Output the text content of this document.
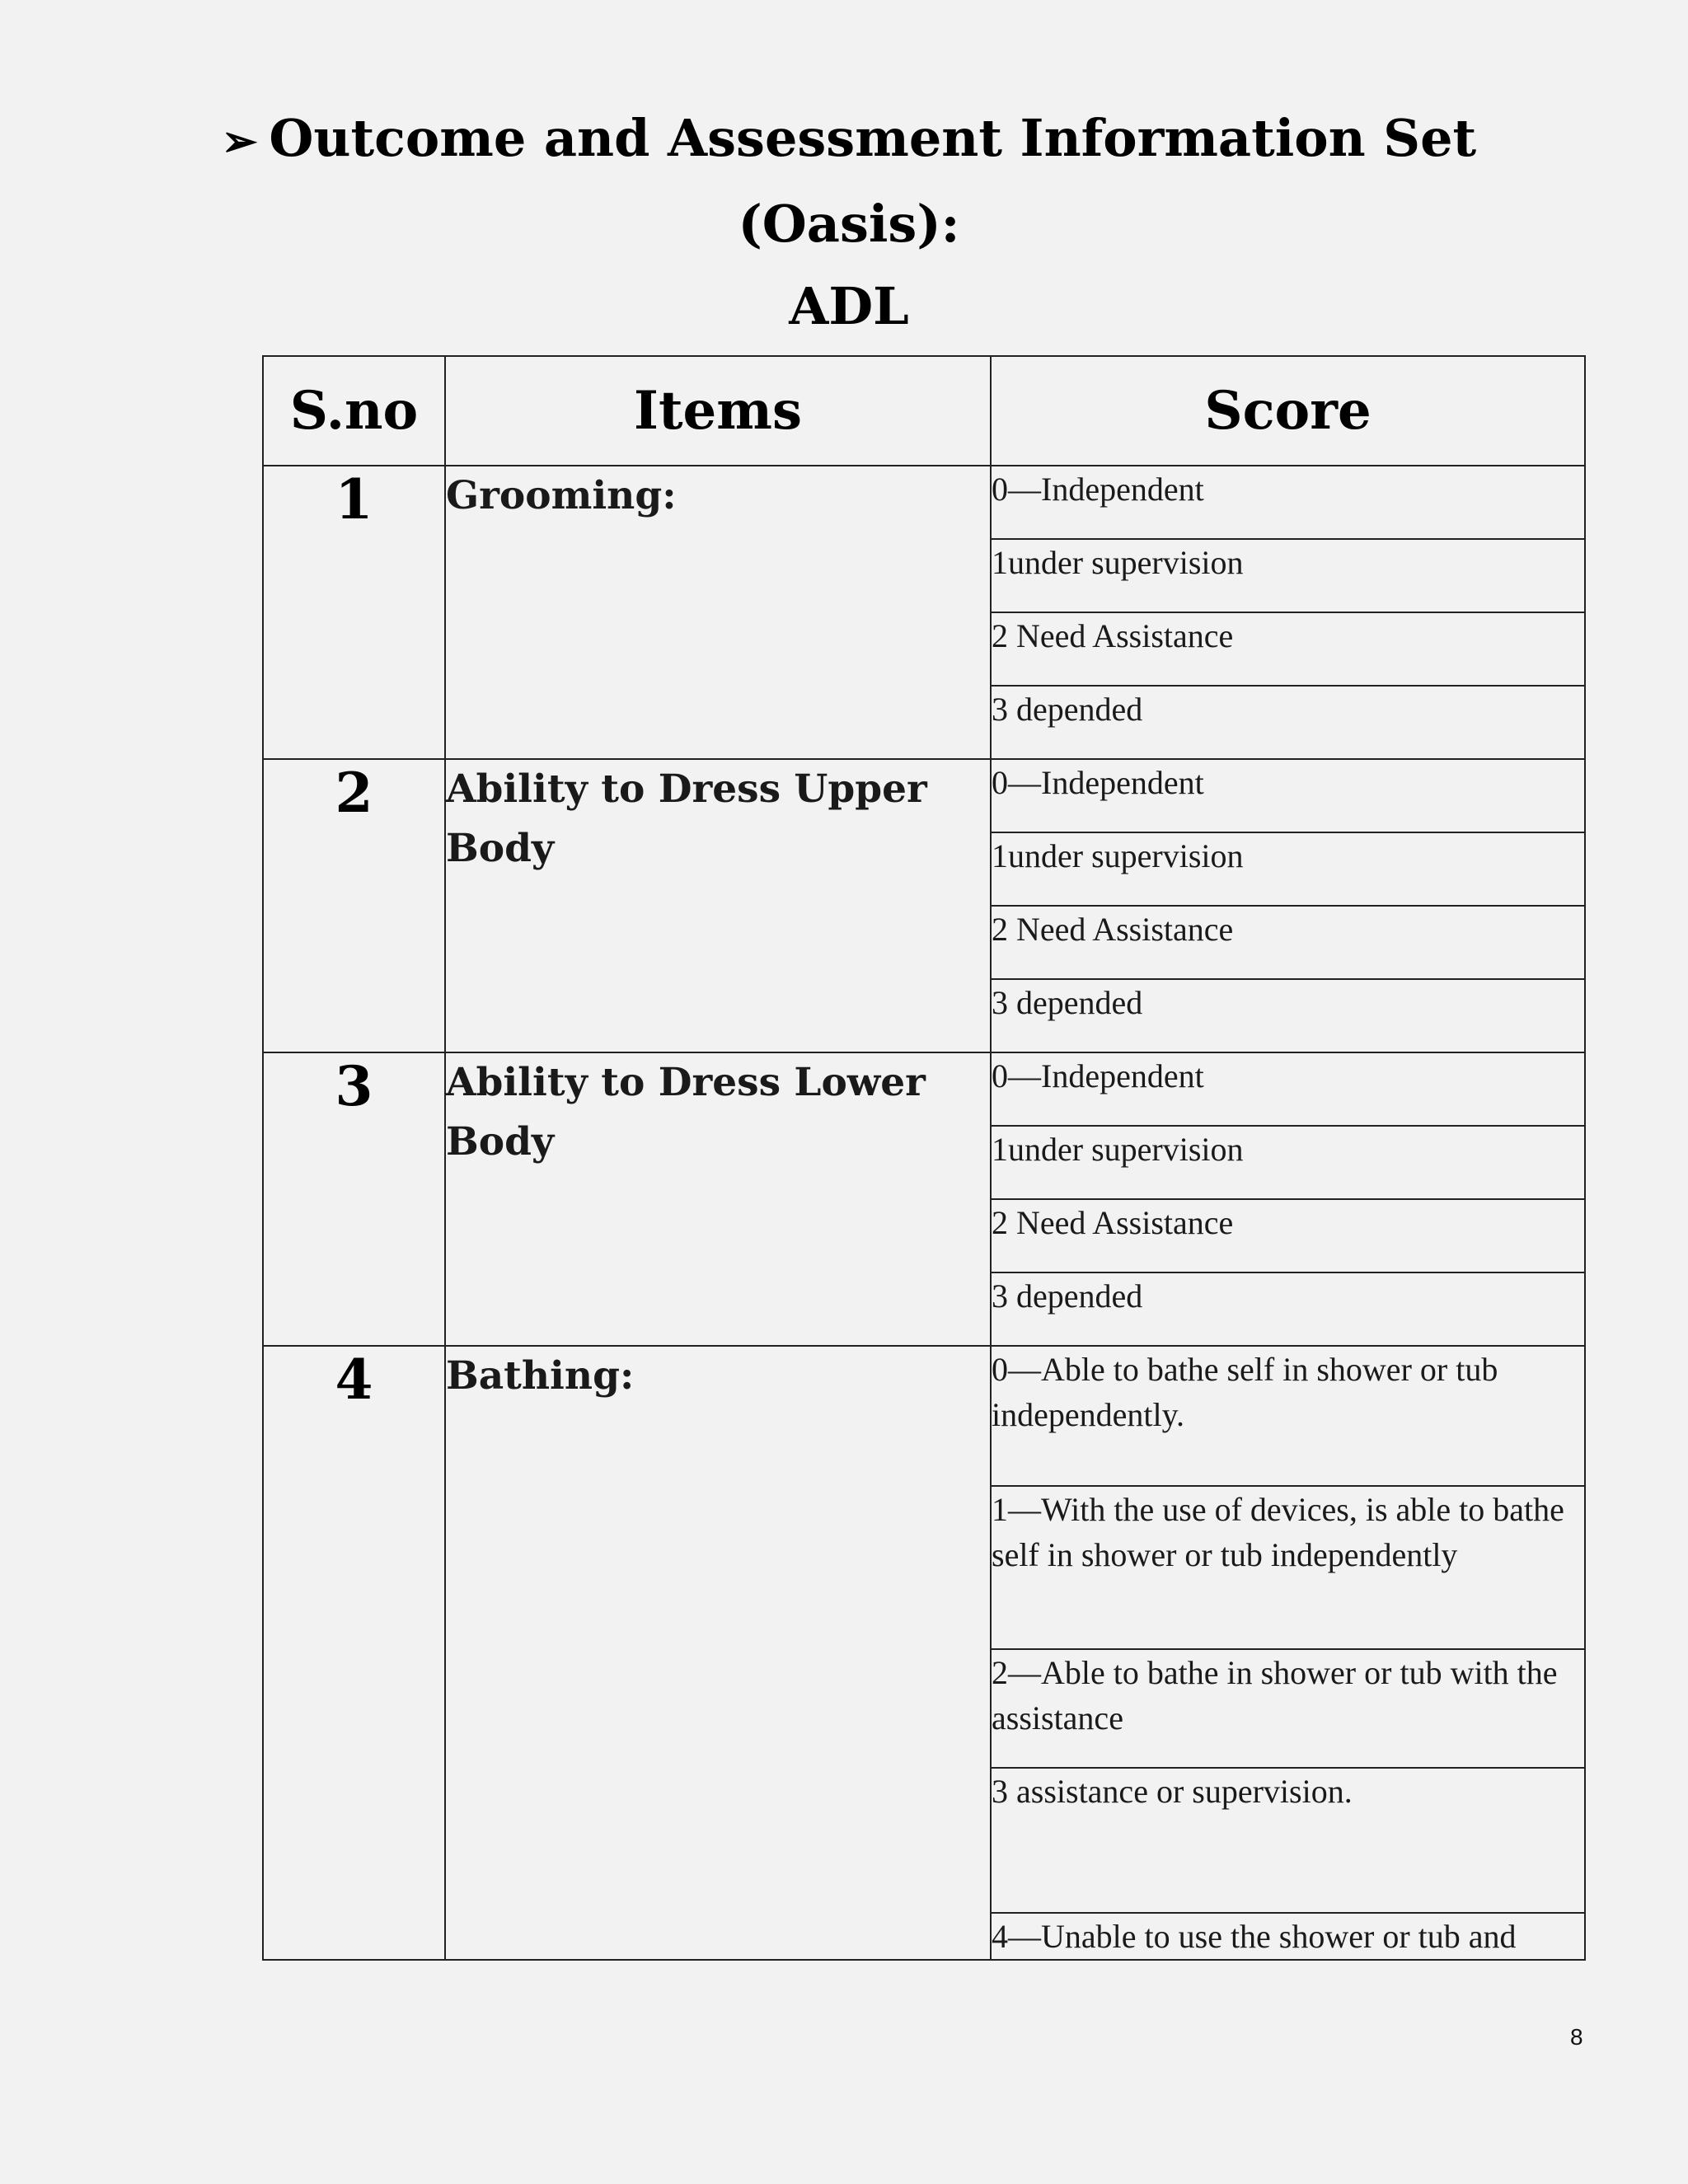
➢ Outcome and Assessment Information Set (Oasis):
ADL
S.no	Items	Score
1	Grooming:	0—Independent
		1under supervision
		2 Need Assistance
		3 depended
2	Ability to Dress Upper Body	0—Independent
		1under supervision
		2 Need Assistance
		3 depended
3	Ability to Dress Lower Body	0—Independent
		1under supervision
		2 Need Assistance
		3 depended
4	Bathing:	0—Able to bathe self in shower or tub independently.
		1—With the use of devices, is able to bathe self in shower or tub independently
		2—Able to bathe in shower or tub with the assistance
		3 assistance or supervision.
		4—Unable to use the shower or tub and
8
